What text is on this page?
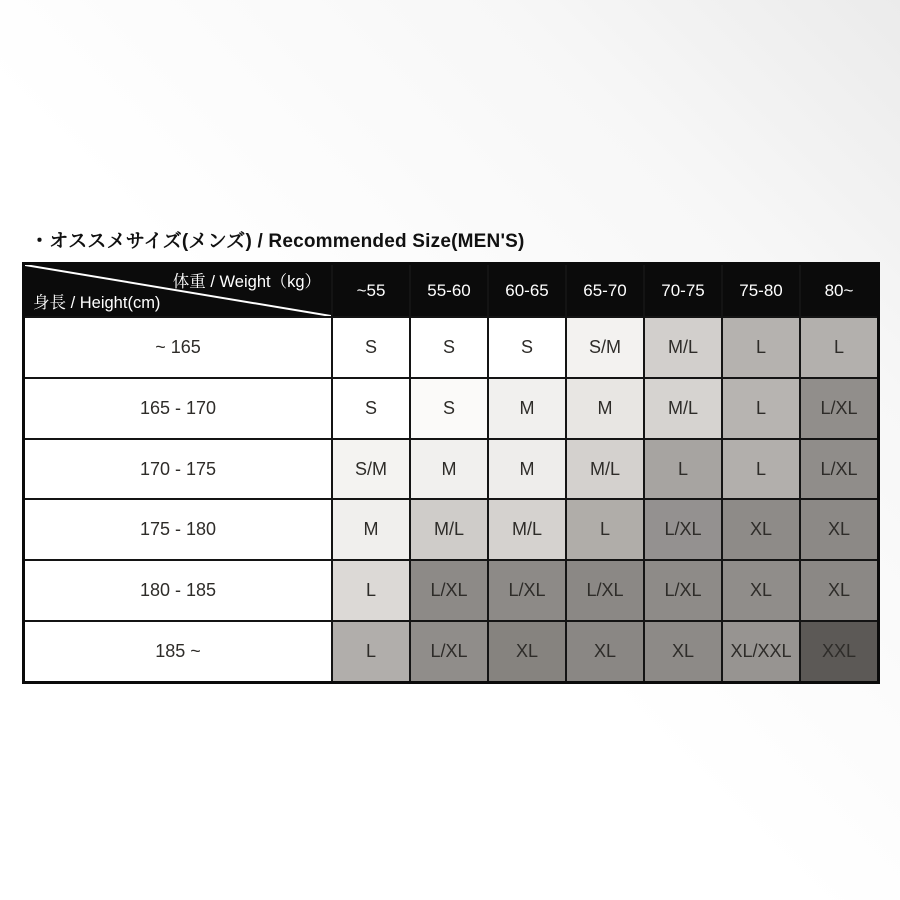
・オススメサイズ(メンズ) / Recommended Size(MEN'S)
体重 / Weight（kg）
身長 / Height(cm)
~55	55-60	60-65	65-70	70-75	75-80	80~
~ 165	S	S	S	S/M	M/L	L	L
165 - 170	S	S	M	M	M/L	L	L/XL
170 - 175	S/M	M	M	M/L	L	L	L/XL
175 - 180	M	M/L	M/L	L	L/XL	XL	XL
180 - 185	L	L/XL	L/XL	L/XL	L/XL	XL	XL
185 ~	L	L/XL	XL	XL	XL	XL/XXL	XXL
